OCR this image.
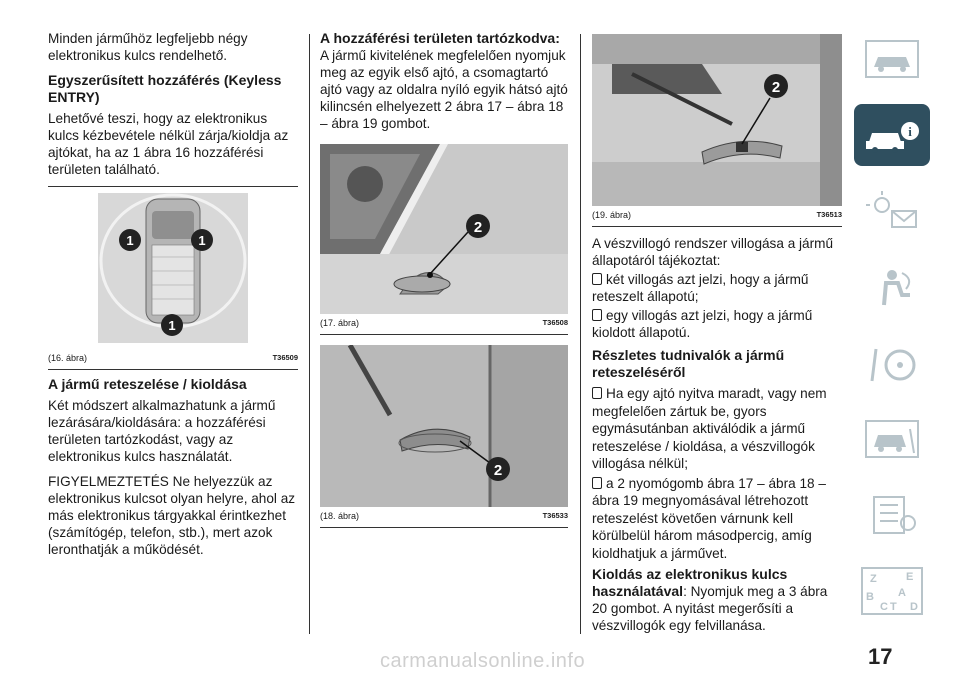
Minden járműhöz legfeljebb négy elektronikus kulcs rendelhető.

Egyszerűsített hozzáférés (Keyless ENTRY)

Lehetővé teszi, hogy az elektronikus kulcs kézbevétele nélkül zárja/kioldja az ajtókat, ha az 1 ábra 16 hozzáférési területen található.

1	1
1
(16. ábra)	T36509
A jármű reteszelése / kioldása

Két módszert alkalmazhatunk a jármű lezárására/kioldására: a hozzáférési területen tartózkodást, vagy az elektronikus kulcs használatát.

FIGYELMEZTETÉS Ne helyezzük az elektronikus kulcsot olyan helyre, ahol az más elektronikus tárgyakkal érintkezhet (számítógép, telefon, stb.), mert azok leronthatják a működését.

A hozzáférési területen tartózkodva: A jármű kivitelének megfelelően nyomjuk meg az egyik első ajtó, a csomagtartó ajtó vagy az oldalra nyíló egyik hátsó ajtó kilincsén elhelyezett 2 ábra 17 – ábra 18 – ábra 19 gombot.

2
(17. ábra)	T36508
2
(18. ábra)	T36533
2
(19. ábra)	T36513

A vészvillogó rendszer villogása a jármű állapotáról tájékoztat:

két villogás azt jelzi, hogy a jármű reteszelt állapotú;

egy villogás azt jelzi, hogy a jármű kioldott állapotú.

Részletes tudnivalók a jármű reteszeléséről

Ha egy ajtó nyitva maradt, vagy nem megfelelően zártuk be, gyors egymásutánban aktiválódik a jármű reteszelése / kioldása, a vészvillogók villogása nélkül;

a 2 nyomógomb ábra 17 – ábra 18 – ábra 19 megnyomásával létrehozott reteszelést követően várnunk kell körülbelül három másodpercig, amíg kioldhatjuk a járművet.

Kioldás az elektronikus kulcs használatával: Nyomjuk meg a 3 ábra 20 gombot. A nyitást megerősíti a vészvillogók egy felvillanása.

i
Z	E
B
C
A
D
T
carmanualsonline.info	17
